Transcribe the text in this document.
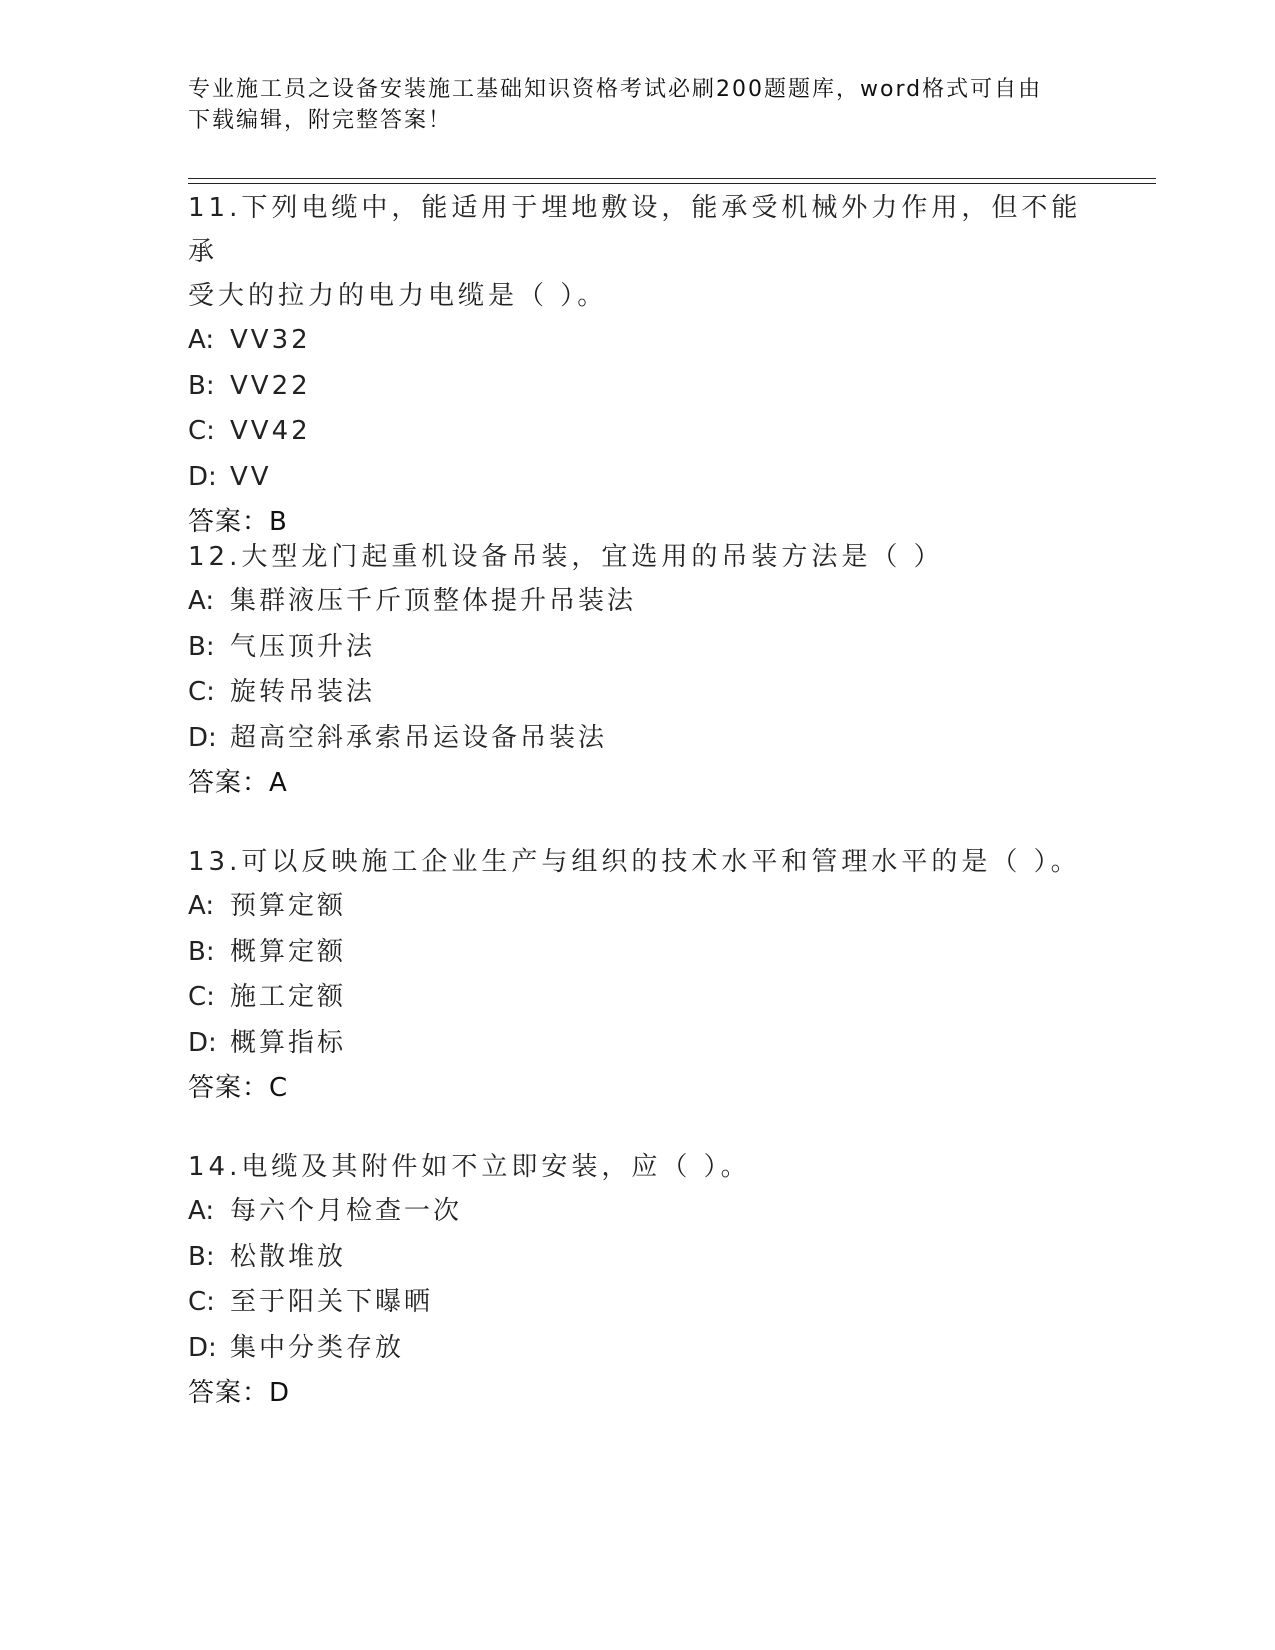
专业施工员之设备安装施工基础知识资格考试必刷200题题库，word格式可自由
下载编辑，附完整答案！
11.下列电缆中，能适用于埋地敷设，能承受机械外力作用，但不能承
受大的拉力的电力电缆是（ ）。
A: VV32
B: VV22
C: VV42
D: VV
答案：B
12.大型龙门起重机设备吊装，宜选用的吊装方法是（ ）
A: 集群液压千斤顶整体提升吊装法
B: 气压顶升法
C: 旋转吊装法
D: 超高空斜承索吊运设备吊装法
答案：A
13.可以反映施工企业生产与组织的技术水平和管理水平的是（ ）。
A: 预算定额
B: 概算定额
C: 施工定额
D: 概算指标
答案：C
14.电缆及其附件如不立即安装，应（ ）。
A: 每六个月检查一次
B: 松散堆放
C: 至于阳关下曝晒
D: 集中分类存放
答案：D
